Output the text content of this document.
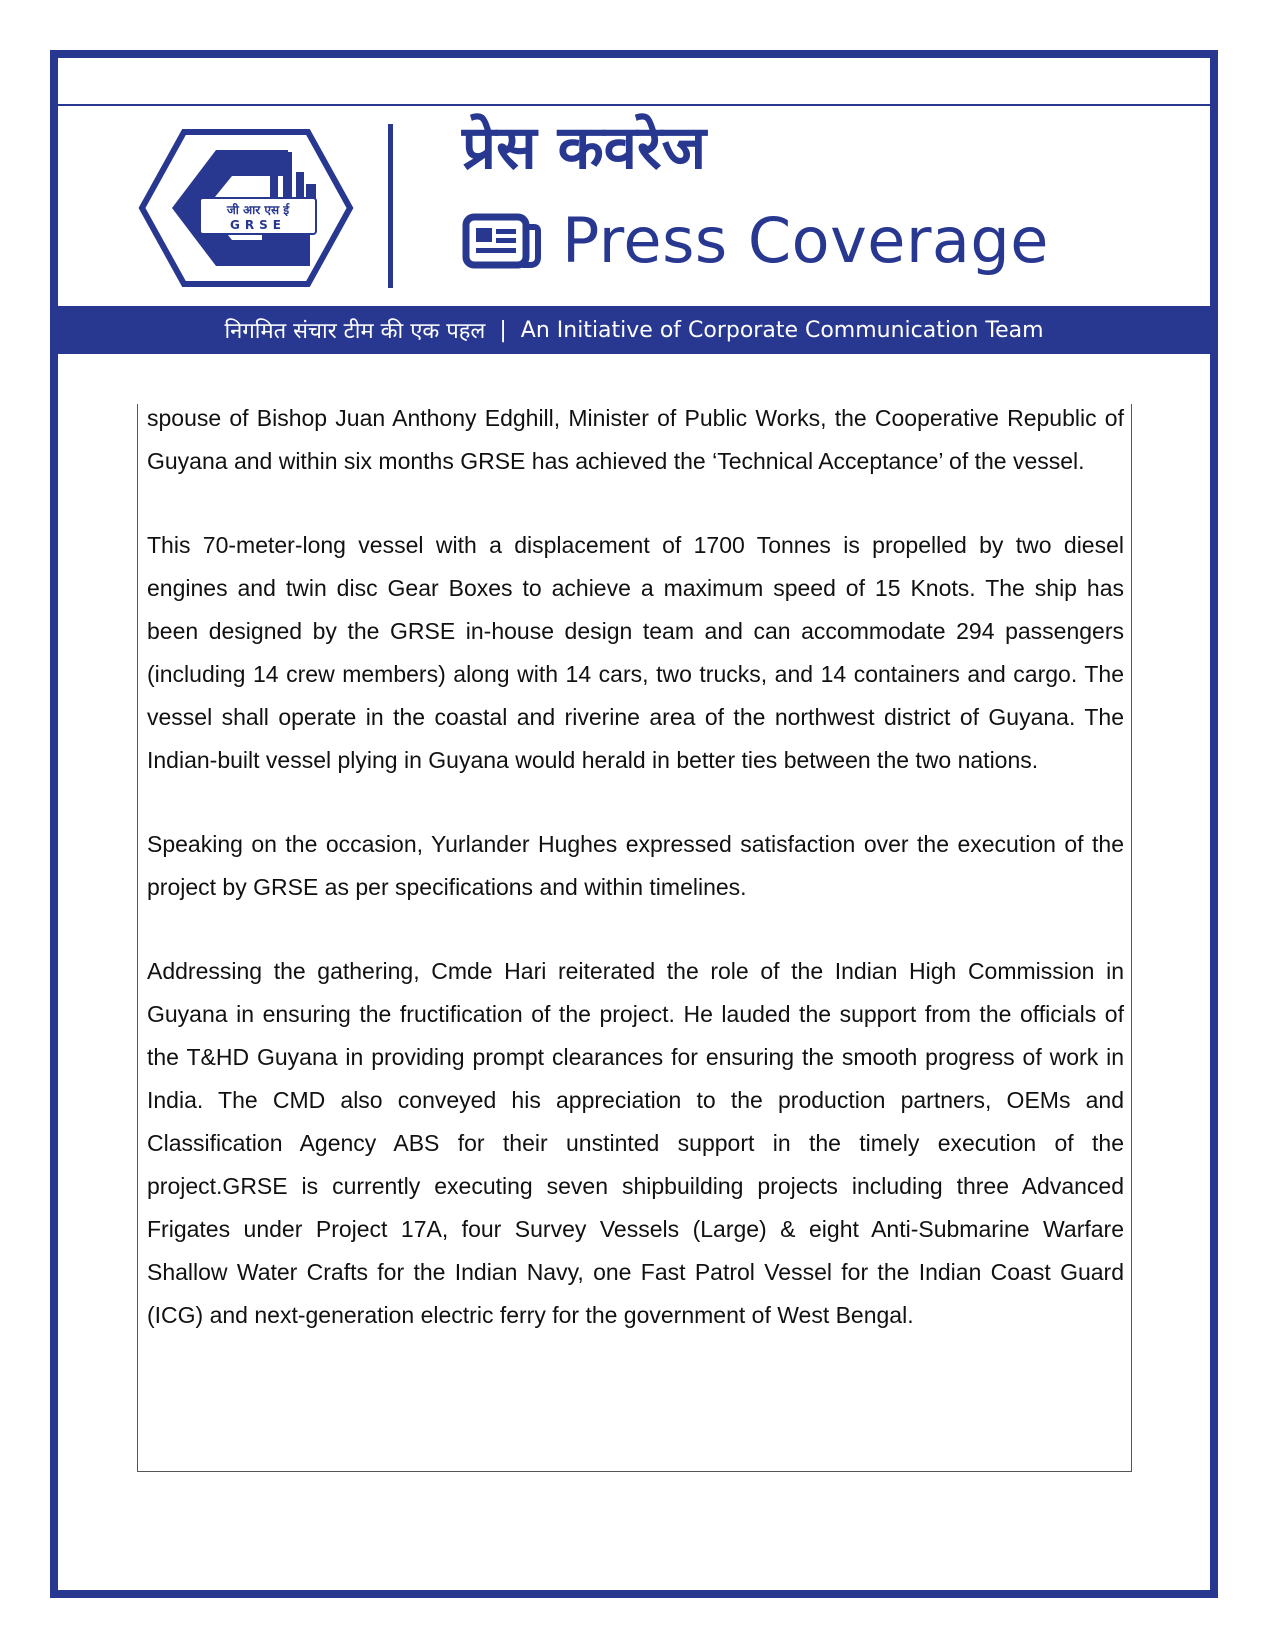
जी आर एस ई
GRSE
प्रेस कवरेज
Press Coverage
निगमित संचार टीम की एक पहल | An Initiative of Corporate Communication Team

spouse of Bishop Juan Anthony Edghill, Minister of Public Works, the Cooperative Republic of Guyana and within six months GRSE has achieved the ‘Technical Acceptance’ of the vessel.

This 70-meter-long vessel with a displacement of 1700 Tonnes is propelled by two diesel engines and twin disc Gear Boxes to achieve a maximum speed of 15 Knots. The ship has been designed by the GRSE in-house design team and can accommodate 294 passengers (including 14 crew members) along with 14 cars, two trucks, and 14 containers and cargo. The vessel shall operate in the coastal and riverine area of the northwest district of Guyana. The Indian-built vessel plying in Guyana would herald in better ties between the two nations.

Speaking on the occasion, Yurlander Hughes expressed satisfaction over the execution of the project by GRSE as per specifications and within timelines.

Addressing the gathering, Cmde Hari reiterated the role of the Indian High Commission in Guyana in ensuring the fructification of the project. He lauded the support from the officials of the T&HD Guyana in providing prompt clearances for ensuring the smooth progress of work in India. The CMD also conveyed his appreciation to the production partners, OEMs and Classification Agency ABS for their unstinted support in the timely execution of the project.GRSE is currently executing seven shipbuilding projects including three Advanced Frigates under Project 17A, four Survey Vessels (Large) & eight Anti-Submarine Warfare Shallow Water Crafts for the Indian Navy, one Fast Patrol Vessel for the Indian Coast Guard (ICG) and next-generation electric ferry for the government of West Bengal.
